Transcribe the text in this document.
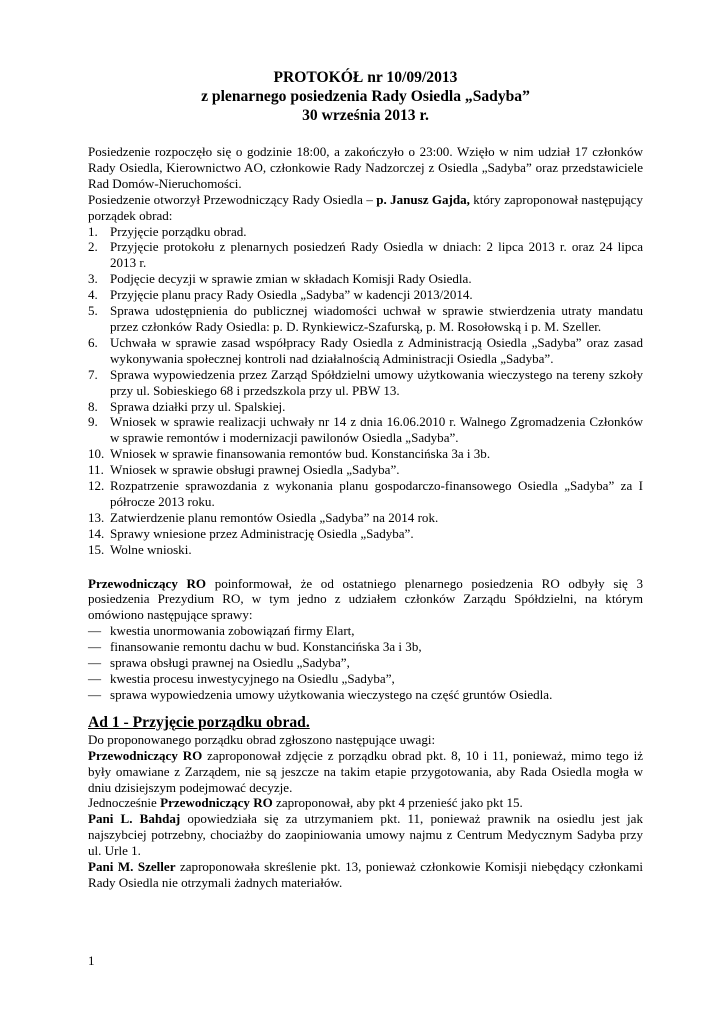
PROTOKÓŁ nr 10/09/2013

z plenarnego posiedzenia Rady Osiedla „Sadyba”

30 września 2013 r.

Posiedzenie rozpoczęło się o godzinie 18:00, a zakończyło o 23:00. Wzięło w nim udział 17 członków Rady Osiedla, Kierownictwo AO, członkowie Rady Nadzorczej z Osiedla „Sadyba” oraz przedstawiciele Rad Domów-Nieruchomości.

Posiedzenie otworzył Przewodniczący Rady Osiedla – p. Janusz Gajda, który zaproponował następujący porządek obrad:

1. Przyjęcie porządku obrad.
2. Przyjęcie protokołu z plenarnych posiedzeń Rady Osiedla w dniach: 2 lipca 2013 r. oraz 24 lipca 2013 r.
3. Podjęcie decyzji w sprawie zmian w składach Komisji Rady Osiedla.
4. Przyjęcie planu pracy Rady Osiedla „Sadyba” w kadencji 2013/2014.
5. Sprawa udostępnienia do publicznej wiadomości uchwał w sprawie stwierdzenia utraty mandatu przez członków Rady Osiedla: p. D. Rynkiewicz-Szafurską, p. M. Rosołowską i p. M. Szeller.
6. Uchwała w sprawie zasad współpracy Rady Osiedla z Administracją Osiedla „Sadyba” oraz zasad wykonywania społecznej kontroli nad działalnością Administracji Osiedla „Sadyba”.
7. Sprawa wypowiedzenia przez Zarząd Spółdzielni umowy użytkowania wieczystego na tereny szkoły przy ul. Sobieskiego 68 i przedszkola przy ul. PBW 13.
8. Sprawa działki przy ul. Spalskiej.
9. Wniosek w sprawie realizacji uchwały nr 14 z dnia 16.06.2010 r. Walnego Zgromadzenia Członków w sprawie remontów i modernizacji pawilonów Osiedla „Sadyba”.
10. Wniosek w sprawie finansowania remontów bud. Konstancińska 3a i 3b.
11. Wniosek w sprawie obsługi prawnej Osiedla „Sadyba”.
12. Rozpatrzenie sprawozdania z wykonania planu gospodarczo-finansowego Osiedla „Sadyba” za I półrocze 2013 roku.
13. Zatwierdzenie planu remontów Osiedla „Sadyba” na 2014 rok.
14. Sprawy wniesione przez Administrację Osiedla „Sadyba”.
15. Wolne wnioski.

Przewodniczący RO poinformował, że od ostatniego plenarnego posiedzenia RO odbyły się 3 posiedzenia Prezydium RO, w tym jedno z udziałem członków Zarządu Spółdzielni, na którym omówiono następujące sprawy:

— kwestia unormowania zobowiązań firmy Elart,
— finansowanie remontu dachu w bud. Konstancińska 3a i 3b,
— sprawa obsługi prawnej na Osiedlu „Sadyba”,
— kwestia procesu inwestycyjnego na Osiedlu „Sadyba”,
— sprawa wypowiedzenia umowy użytkowania wieczystego na część gruntów Osiedla.
Ad 1 - Przyjęcie porządku obrad.

Do proponowanego porządku obrad zgłoszono następujące uwagi:

Przewodniczący RO zaproponował zdjęcie z porządku obrad pkt. 8, 10 i 11, ponieważ, mimo tego iż były omawiane z Zarządem, nie są jeszcze na takim etapie przygotowania, aby Rada Osiedla mogła w dniu dzisiejszym podejmować decyzje.

Jednocześnie Przewodniczący RO zaproponował, aby pkt 4 przenieść jako pkt 15.

Pani L. Bahdaj opowiedziała się za utrzymaniem pkt. 11, ponieważ prawnik na osiedlu jest jak najszybciej potrzebny, chociażby do zaopiniowania umowy najmu z Centrum Medycznym Sadyba przy ul. Urle 1.

Pani M. Szeller zaproponowała skreślenie pkt. 13, ponieważ członkowie Komisji niebędący członkami Rady Osiedla nie otrzymali żadnych materiałów.

1
